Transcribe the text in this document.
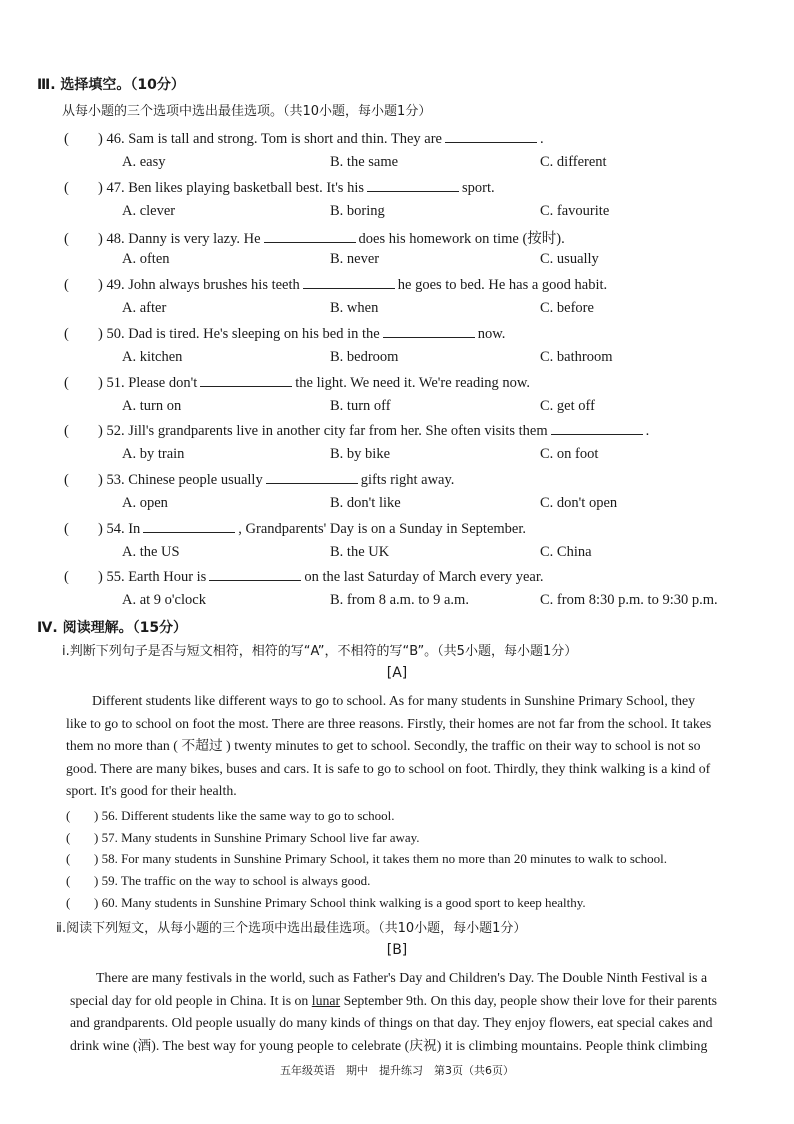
Ⅲ. 选择填空。（10分）
从每小题的三个选项中选出最佳选项。（共10小题，每小题1分）
( ) 46. Sam is tall and strong. Tom is short and thin. They are	.
A. easy	B. the same	C. different
( ) 47. Ben likes playing basketball best. It's his	sport.
A. clever	B. boring	C. favourite
( ) 48. Danny is very lazy. He	does his homework on time (按时).
A. often	B. never	C. usually
( ) 49. John always brushes his teeth	he goes to bed. He has a good habit.
A. after	B. when	C. before
( ) 50. Dad is tired. He's sleeping on his bed in the	now.
A. kitchen	B. bedroom	C. bathroom
( ) 51. Please don't	the light. We need it. We're reading now.
A. turn on	B. turn off	C. get off
( ) 52. Jill's grandparents live in another city far from her. She often visits them	.
A. by train	B. by bike	C. on foot
( ) 53. Chinese people usually	gifts right away.
A. open	B. don't like	C. don't open
( ) 54. In	, Grandparents' Day is on a Sunday in September.
A. the US	B. the UK	C. China
( ) 55. Earth Hour is	on the last Saturday of March every year.
A. at 9 o'clock	B. from 8 a.m. to 9 a.m.	C. from 8:30 p.m. to 9:30 p.m.
Ⅳ. 阅读理解。（15分）
ⅰ.判断下列句子是否与短文相符，相符的写“A”，不相符的写“B”。（共5小题，每小题1分）
[A]
Different students like different ways to go to school. As for many students in Sunshine Primary School, they
like to go to school on foot the most. There are three reasons. Firstly, their homes are not far from the school. It takes
them no more than ( 不超过 ) twenty minutes to get to school. Secondly, the traffic on their way to school is not so
good. There are many bikes, buses and cars. It is safe to go to school on foot. Thirdly, they think walking is a kind of
sport. It's good for their health.
( ) 56. Different students like the same way to go to school.
( ) 57. Many students in Sunshine Primary School live far away.
( ) 58. For many students in Sunshine Primary School, it takes them no more than 20 minutes to walk to school.
( ) 59. The traffic on the way to school is always good.
( ) 60. Many students in Sunshine Primary School think walking is a good sport to keep healthy.
ⅱ.阅读下列短文，从每小题的三个选项中选出最佳选项。（共10小题，每小题1分）
[B]
There are many festivals in the world, such as Father's Day and Children's Day. The Double Ninth Festival is a
special day for old people in China. It is on lunar September 9th. On this day, people show their love for their parents
and grandparents. Old people usually do many kinds of things on that day. They enjoy flowers, eat special cakes and
drink wine (酒). The best way for young people to celebrate (庆祝) it is climbing mountains. People think climbing
五年级英语　期中　提升练习　第3页（共6页）
